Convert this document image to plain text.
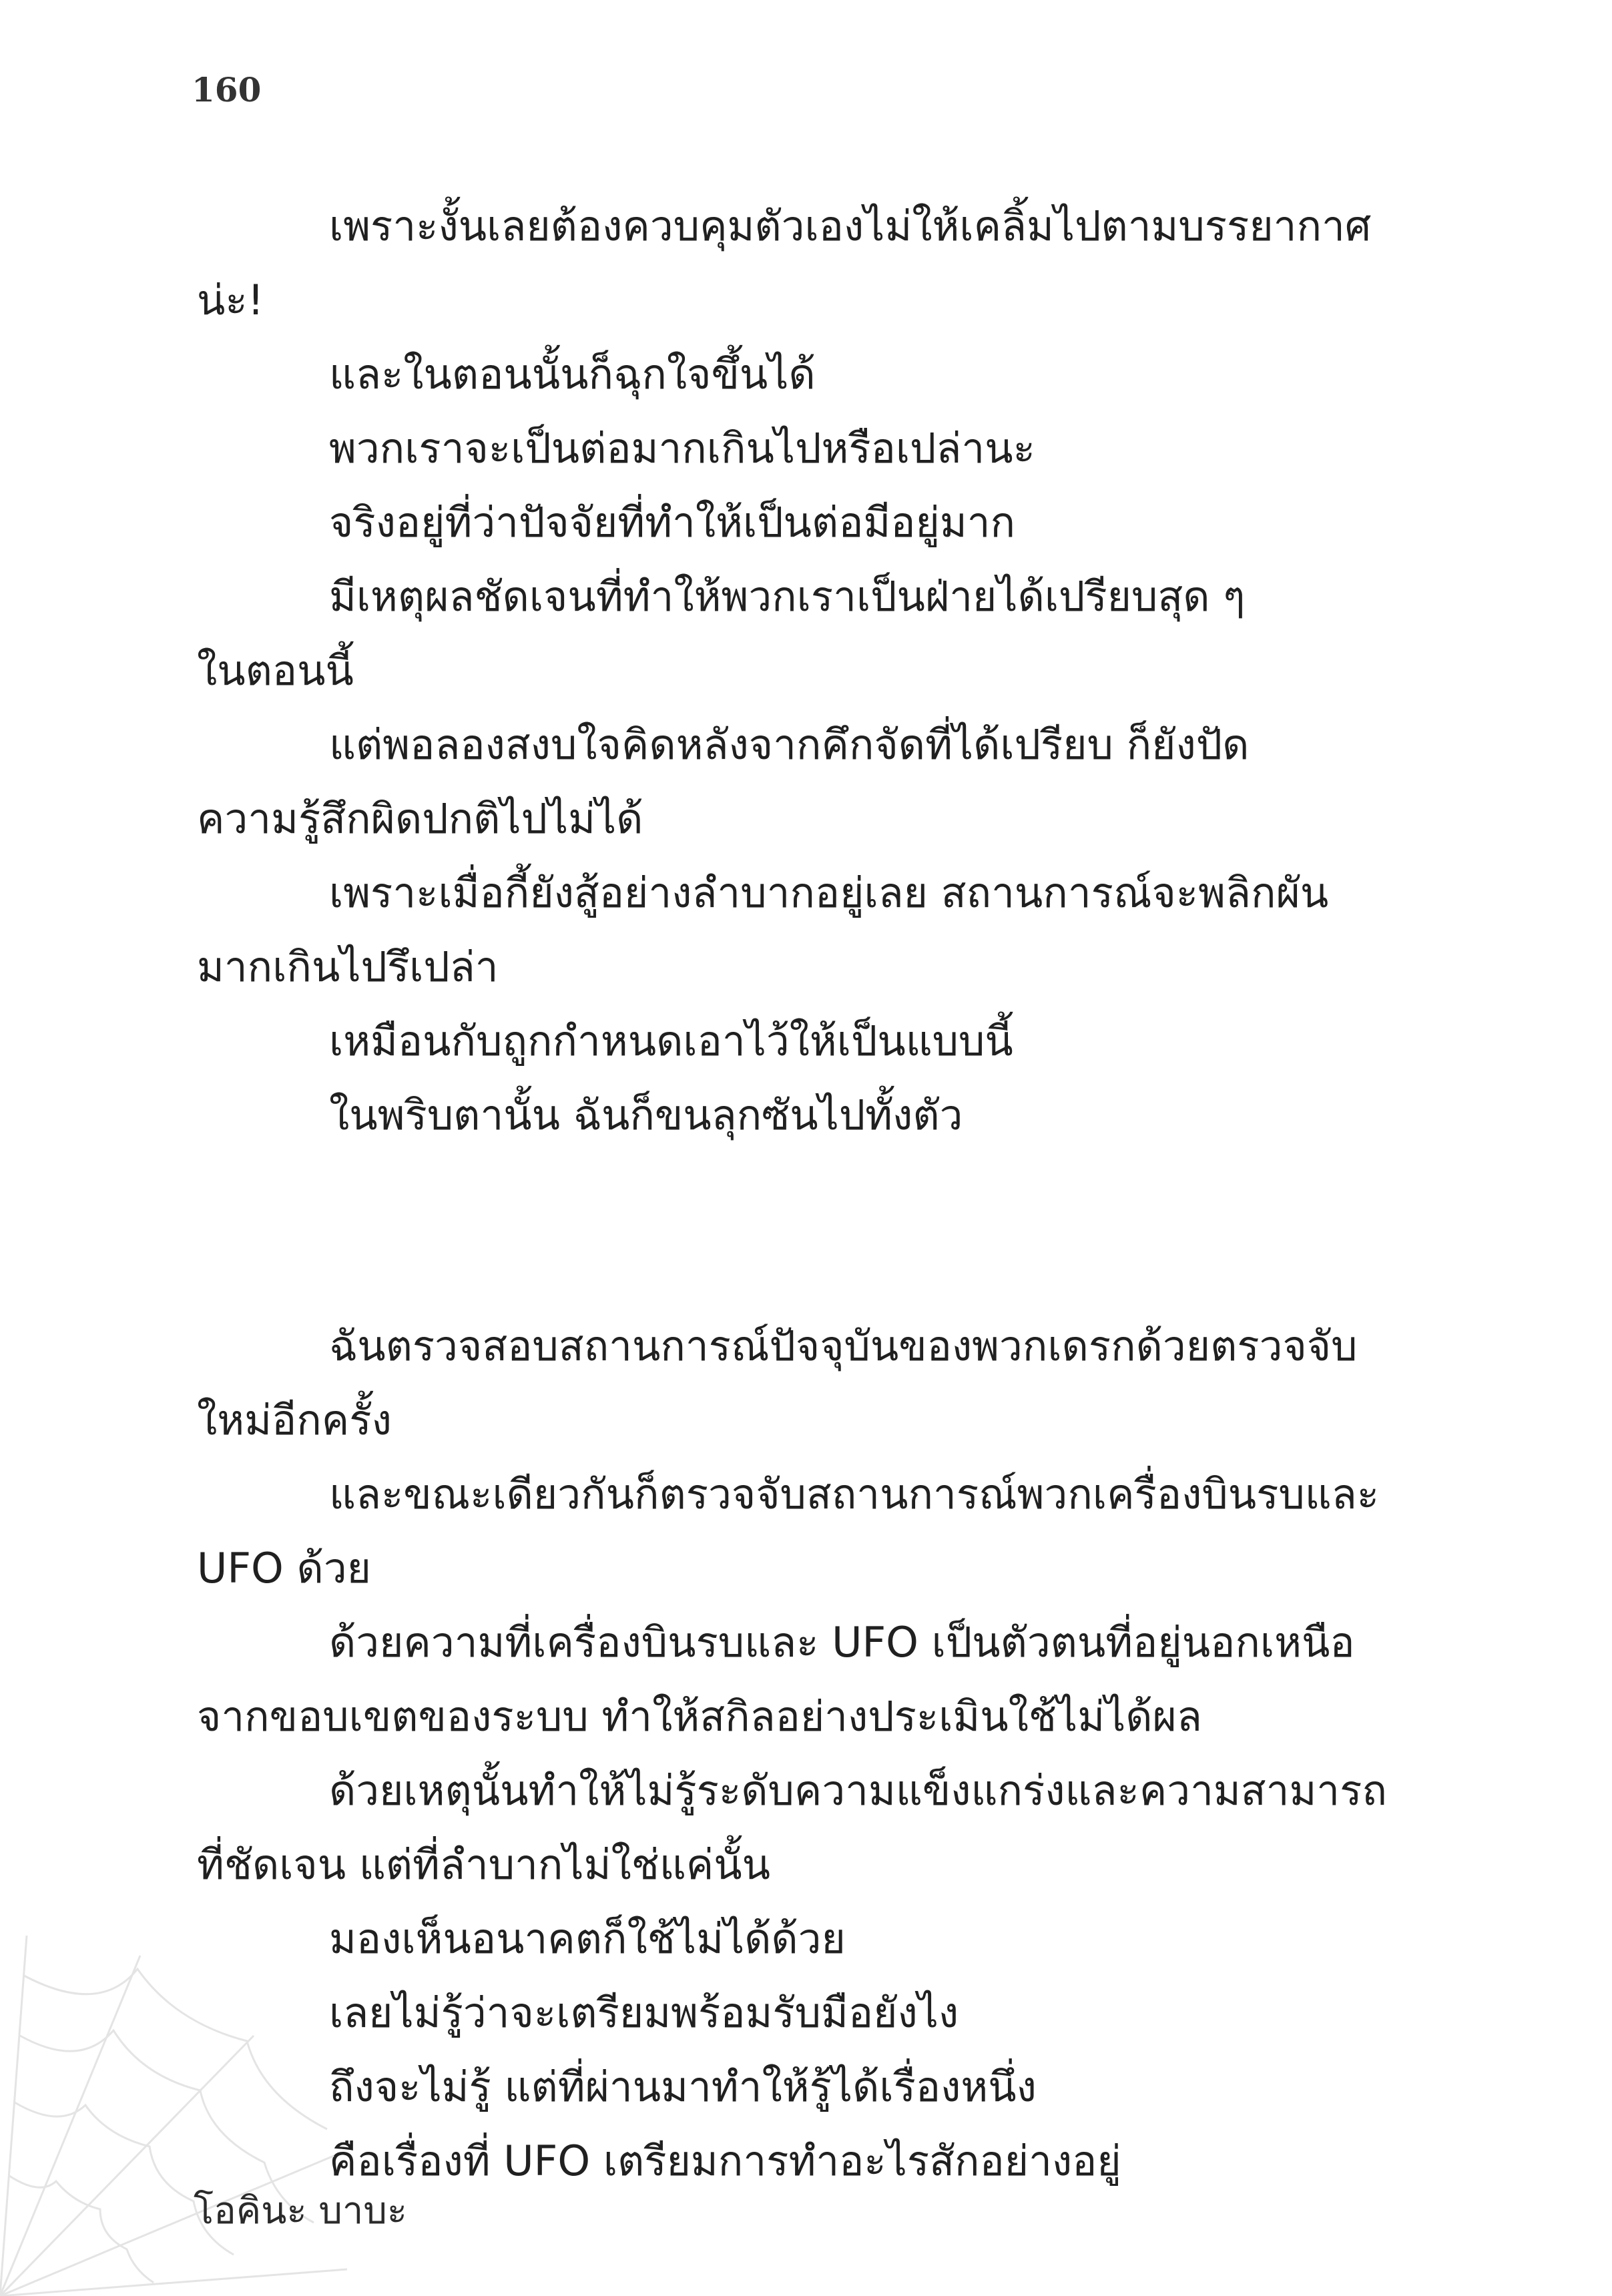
160

เพราะงั้นเลยต้องควบคุมตัวเองไม่ให้เคลิ้มไปตามบรรยากาศ

น่ะ!

และในตอนนั้นก็ฉุกใจขึ้นได้

พวกเราจะเป็นต่อมากเกินไปหรือเปล่านะ

จริงอยู่ที่ว่าปัจจัยที่ทำให้เป็นต่อมีอยู่มาก

มีเหตุผลชัดเจนที่ทำให้พวกเราเป็นฝ่ายได้เปรียบสุด ๆ

ในตอนนี้

แต่พอลองสงบใจคิดหลังจากคึกจัดที่ได้เปรียบ ก็ยังปัด

ความรู้สึกผิดปกติไปไม่ได้

เพราะเมื่อกี้ยังสู้อย่างลำบากอยู่เลย สถานการณ์จะพลิกผัน

มากเกินไปรึเปล่า

เหมือนกับถูกกำหนดเอาไว้ให้เป็นแบบนี้

ในพริบตานั้น ฉันก็ขนลุกซันไปทั้งตัว

ฉันตรวจสอบสถานการณ์ปัจจุบันของพวกเดรกด้วยตรวจจับ

ใหม่อีกครั้ง

และขณะเดียวกันก็ตรวจจับสถานการณ์พวกเครื่องบินรบและ

UFO ด้วย

ด้วยความที่เครื่องบินรบและ UFO เป็นตัวตนที่อยู่นอกเหนือ

จากขอบเขตของระบบ ทำให้สกิลอย่างประเมินใช้ไม่ได้ผล

ด้วยเหตุนั้นทำให้ไม่รู้ระดับความแข็งแกร่งและความสามารถ

ที่ชัดเจน แต่ที่ลำบากไม่ใช่แค่นั้น

มองเห็นอนาคตก็ใช้ไม่ได้ด้วย

เลยไม่รู้ว่าจะเตรียมพร้อมรับมือยังไง

ถึงจะไม่รู้ แต่ที่ผ่านมาทำให้รู้ได้เรื่องหนึ่ง

คือเรื่องที่ UFO เตรียมการทำอะไรสักอย่างอยู่

โอคินะ บาบะ
